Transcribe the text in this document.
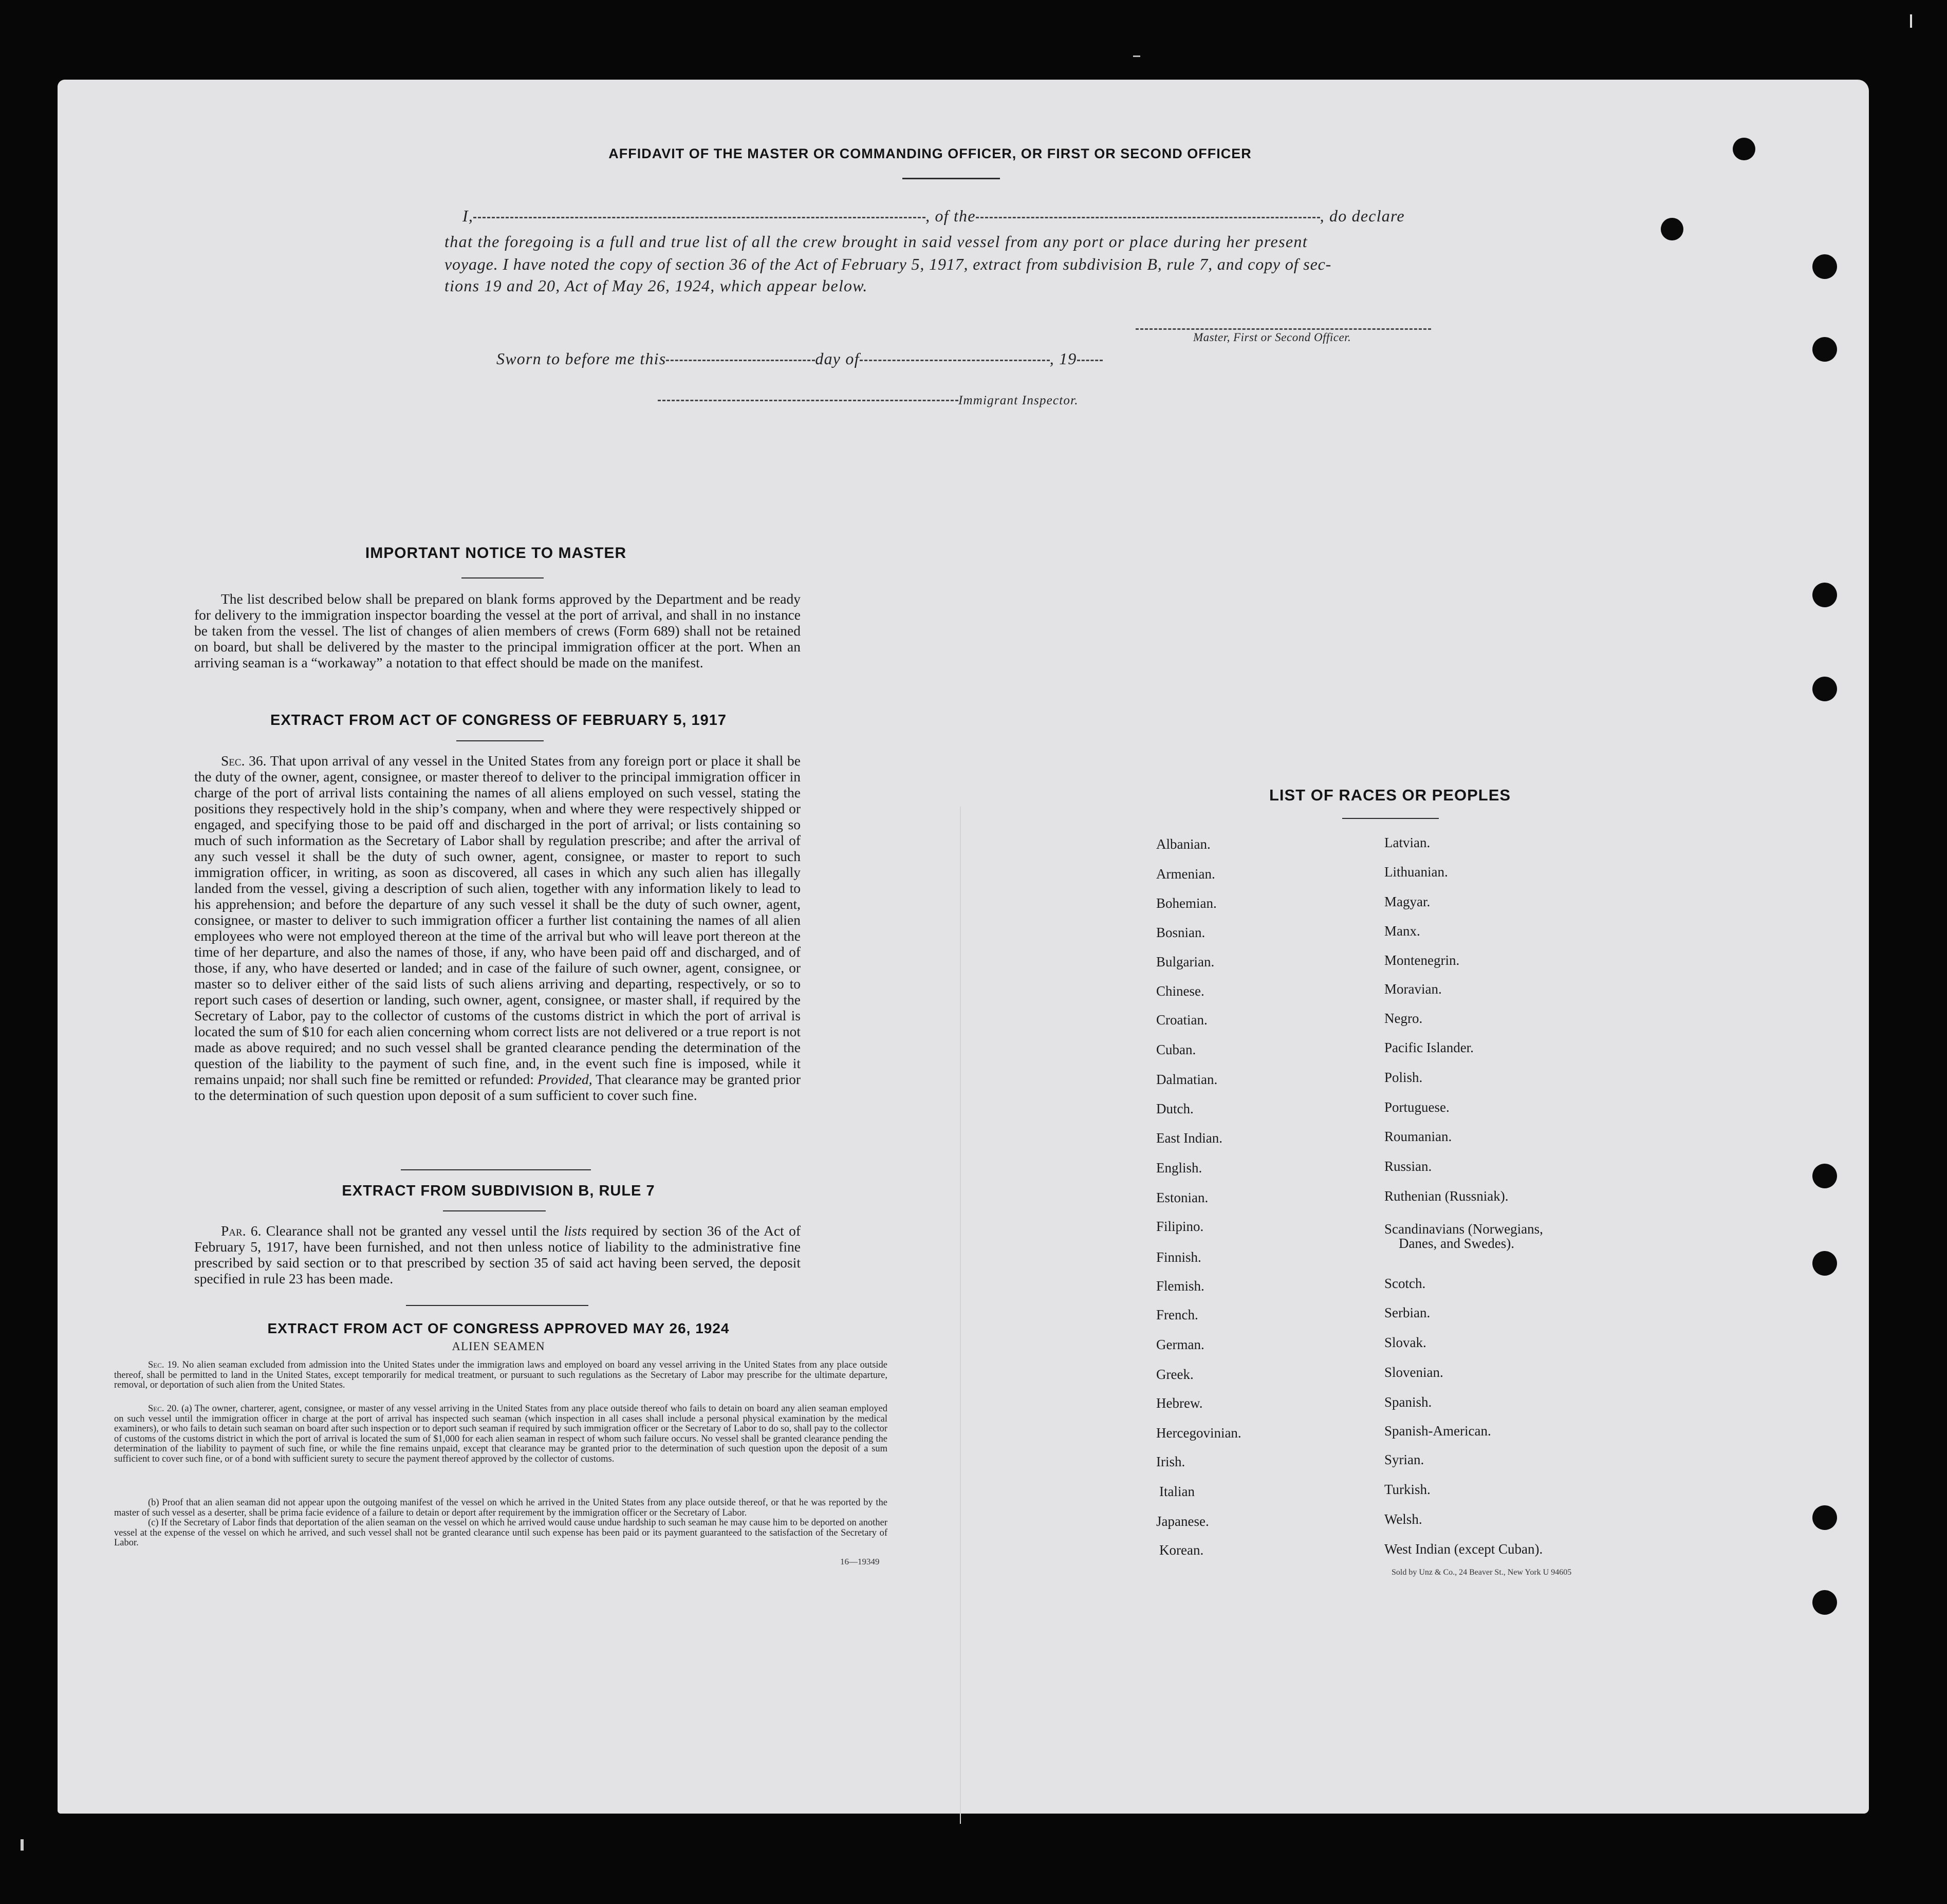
AFFIDAVIT OF THE MASTER OR COMMANDING OFFICER, OR FIRST OR SECOND OFFICER
I,	, of the	, do declare
that the foregoing is a full and true list of all the crew brought in said vessel from any port or place during her present
voyage. I have noted the copy of section 36 of the Act of February 5, 1917, extract from subdivision B, rule 7, and copy of sec-
tions 19 and 20, Act of May 26, 1924, which appear below.
Master, First or Second Officer.
Sworn to before me this	day of	, 19
Immigrant Inspector.
IMPORTANT NOTICE TO MASTER
The list described below shall be prepared on blank forms approved by the Department and be ready for delivery to the immigration inspector boarding the vessel at the port of arrival, and shall in no instance be taken from the vessel. The list of changes of alien members of crews (Form 689) shall not be retained on board, but shall be delivered by the master to the principal immigration officer at the port. When an arriving seaman is a “workaway” a notation to that effect should be made on the manifest.
EXTRACT FROM ACT OF CONGRESS OF FEBRUARY 5, 1917
Sec. 36. That upon arrival of any vessel in the United States from any foreign port or place it shall be the duty of the owner, agent, consignee, or master thereof to deliver to the principal immigration officer in charge of the port of arrival lists containing the names of all aliens employed on such vessel, stating the positions they respectively hold in the ship’s company, when and where they were respectively shipped or engaged, and specifying those to be paid off and discharged in the port of arrival; or lists containing so much of such information as the Secretary of Labor shall by regulation prescribe; and after the arrival of any such vessel it shall be the duty of such owner, agent, consignee, or master to report to such immigration officer, in writing, as soon as discovered, all cases in which any such alien has illegally landed from the vessel, giving a description of such alien, together with any information likely to lead to his apprehension; and before the departure of any such vessel it shall be the duty of such owner, agent, consignee, or master to deliver to such immigration officer a further list containing the names of all alien employees who were not employed thereon at the time of the arrival but who will leave port thereon at the time of her departure, and also the names of those, if any, who have been paid off and discharged, and of those, if any, who have deserted or landed; and in case of the failure of such owner, agent, consignee, or master so to deliver either of the said lists of such aliens arriving and departing, respectively, or so to report such cases of desertion or landing, such owner, agent, consignee, or master shall, if required by the Secretary of Labor, pay to the collector of customs of the customs district in which the port of arrival is located the sum of $10 for each alien concerning whom correct lists are not delivered or a true report is not made as above required; and no such vessel shall be granted clearance pending the determination of the question of the liability to the payment of such fine, and, in the event such fine is imposed, while it remains unpaid; nor shall such fine be remitted or refunded: Provided, That clearance may be granted prior to the determination of such question upon deposit of a sum sufficient to cover such fine.
EXTRACT FROM SUBDIVISION B, RULE 7
Par. 6. Clearance shall not be granted any vessel until the lists required by section 36 of the Act of February 5, 1917, have been furnished, and not then unless notice of liability to the administrative fine prescribed by said section or to that prescribed by section 35 of said act having been served, the deposit specified in rule 23 has been made.
EXTRACT FROM ACT OF CONGRESS APPROVED MAY 26, 1924
ALIEN SEAMEN
Sec. 19. No alien seaman excluded from admission into the United States under the immigration laws and employed on board any vessel arriving in the United States from any place outside thereof, shall be permitted to land in the United States, except temporarily for medical treatment, or pursuant to such regulations as the Secretary of Labor may prescribe for the ultimate departure, removal, or deportation of such alien from the United States.
Sec. 20. (a) The owner, charterer, agent, consignee, or master of any vessel arriving in the United States from any place outside thereof who fails to detain on board any alien seaman employed on such vessel until the immigration officer in charge at the port of arrival has inspected such seaman (which inspection in all cases shall include a personal physical examination by the medical examiners), or who fails to detain such seaman on board after such inspection or to deport such seaman if required by such immigration officer or the Secretary of Labor to do so, shall pay to the collector of customs of the customs district in which the port of arrival is located the sum of $1,000 for each alien seaman in respect of whom such failure occurs. No vessel shall be granted clearance pending the determination of the liability to payment of such fine, or while the fine remains unpaid, except that clearance may be granted prior to the determination of such question upon the deposit of a sum sufficient to cover such fine, or of a bond with sufficient surety to secure the payment thereof approved by the collector of customs.
(b) Proof that an alien seaman did not appear upon the outgoing manifest of the vessel on which he arrived in the United States from any place outside thereof, or that he was reported by the master of such vessel as a deserter, shall be prima facie evidence of a failure to detain or deport after requirement by the immigration officer or the Secretary of Labor.
(c) If the Secretary of Labor finds that deportation of the alien seaman on the vessel on which he arrived would cause undue hardship to such seaman he may cause him to be deported on another vessel at the expense of the vessel on which he arrived, and such vessel shall not be granted clearance until such expense has been paid or its payment guaranteed to the satisfaction of the Secretary of Labor.
16—19349
LIST OF RACES OR PEOPLES
Albanian.
Armenian.
Bohemian.
Bosnian.
Bulgarian.
Chinese.
Croatian.
Cuban.
Dalmatian.
Dutch.
East Indian.
English.
Estonian.
Filipino.
Finnish.
Flemish.
French.
German.
Greek.
Hebrew.
Hercegovinian.
Irish.
Italian
Japanese.
Korean.
Latvian.
Lithuanian.
Magyar.
Manx.
Montenegrin.
Moravian.
Negro.
Pacific Islander.
Polish.
Portuguese.
Roumanian.
Russian.
Ruthenian (Russniak).
Scandinavians (Norwegians,
Scotch.
Serbian.
Slovak.
Slovenian.
Spanish.
Spanish-American.
Syrian.
Turkish.
Welsh.
West Indian (except Cuban).
Danes, and Swedes).
Sold by Unz & Co., 24 Beaver St., New York U 94605
